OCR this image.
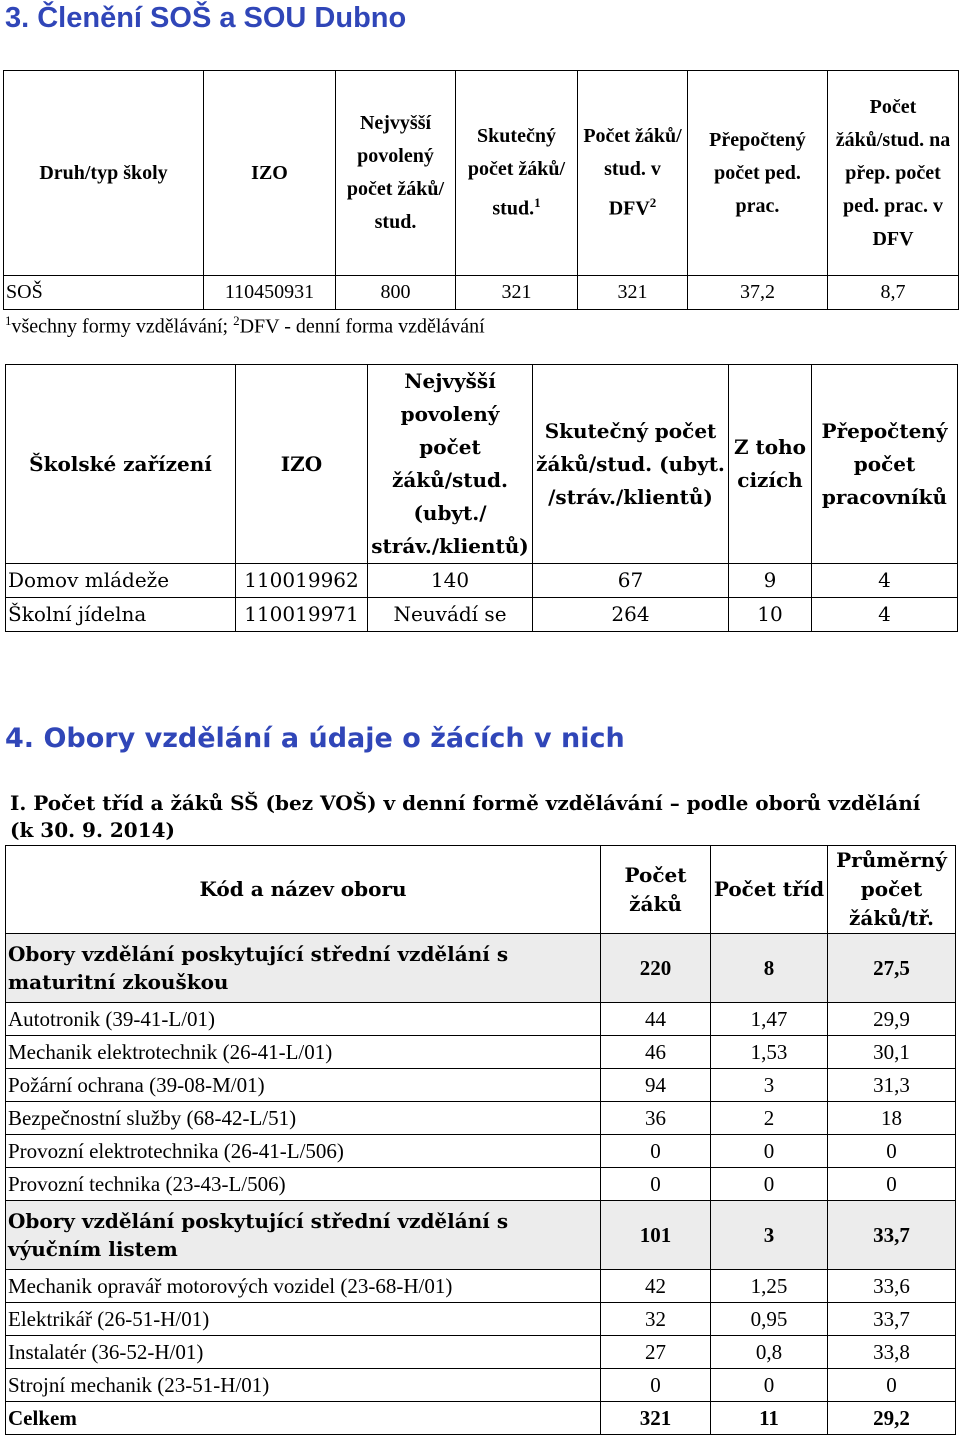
3. Členění SOŠ a SOU Dubno
Druh/typ školy	IZO	Nejvyšší povolený počet žáků/ stud.	Skutečný počet žáků/ stud.$^1$	Počet žáků/ stud. v DFV$^2$	Přepočtený počet ped. prac.	Počet žáků/stud. na přep. počet ped. prac. v DFV
SOŠ	110450931	800	321	321	37,2	8,7
$^1$všechny formy vzdělávání; $^2$DFV - denní forma vzdělávání
Školské zařízení	IZO	Nejvyšší povolený počet žáků/stud. (ubyt./ stráv./klientů)	Skutečný počet žáků/stud. (ubyt. /stráv./klientů)	Z toho cizích	Přepočtený počet pracovníků
Domov mládeže	110019962	140	67	9	4
Školní jídelna	110019971	Neuvádí se	264	10	4
4. Obory vzdělání a údaje o žácích v nich
I. Počet tříd a žáků SŠ (bez VOŠ) v denní formě vzdělávání – podle oborů vzdělání (k 30. 9. 2014)
Kód a název oboru	Počet žáků	Počet tříd	Průměrný počet žáků/tř.
Obory vzdělání poskytující střední vzdělání s maturitní zkouškou	220	8	27,5
Autotronik (39-41-L/01)	44	1,47	29,9
Mechanik elektrotechnik (26-41-L/01)	46	1,53	30,1
Požární ochrana (39-08-M/01)	94	3	31,3
Bezpečnostní služby (68-42-L/51)	36	2	18
Provozní elektrotechnika (26-41-L/506)	0	0	0
Provozní technika (23-43-L/506)	0	0	0
Obory vzdělání poskytující střední vzdělání s výučním listem	101	3	33,7
Mechanik opravář motorových vozidel (23-68-H/01)	42	1,25	33,6
Elektrikář (26-51-H/01)	32	0,95	33,7
Instalatér (36-52-H/01)	27	0,8	33,8
Strojní mechanik (23-51-H/01)	0	0	0
Celkem	321	11	29,2
